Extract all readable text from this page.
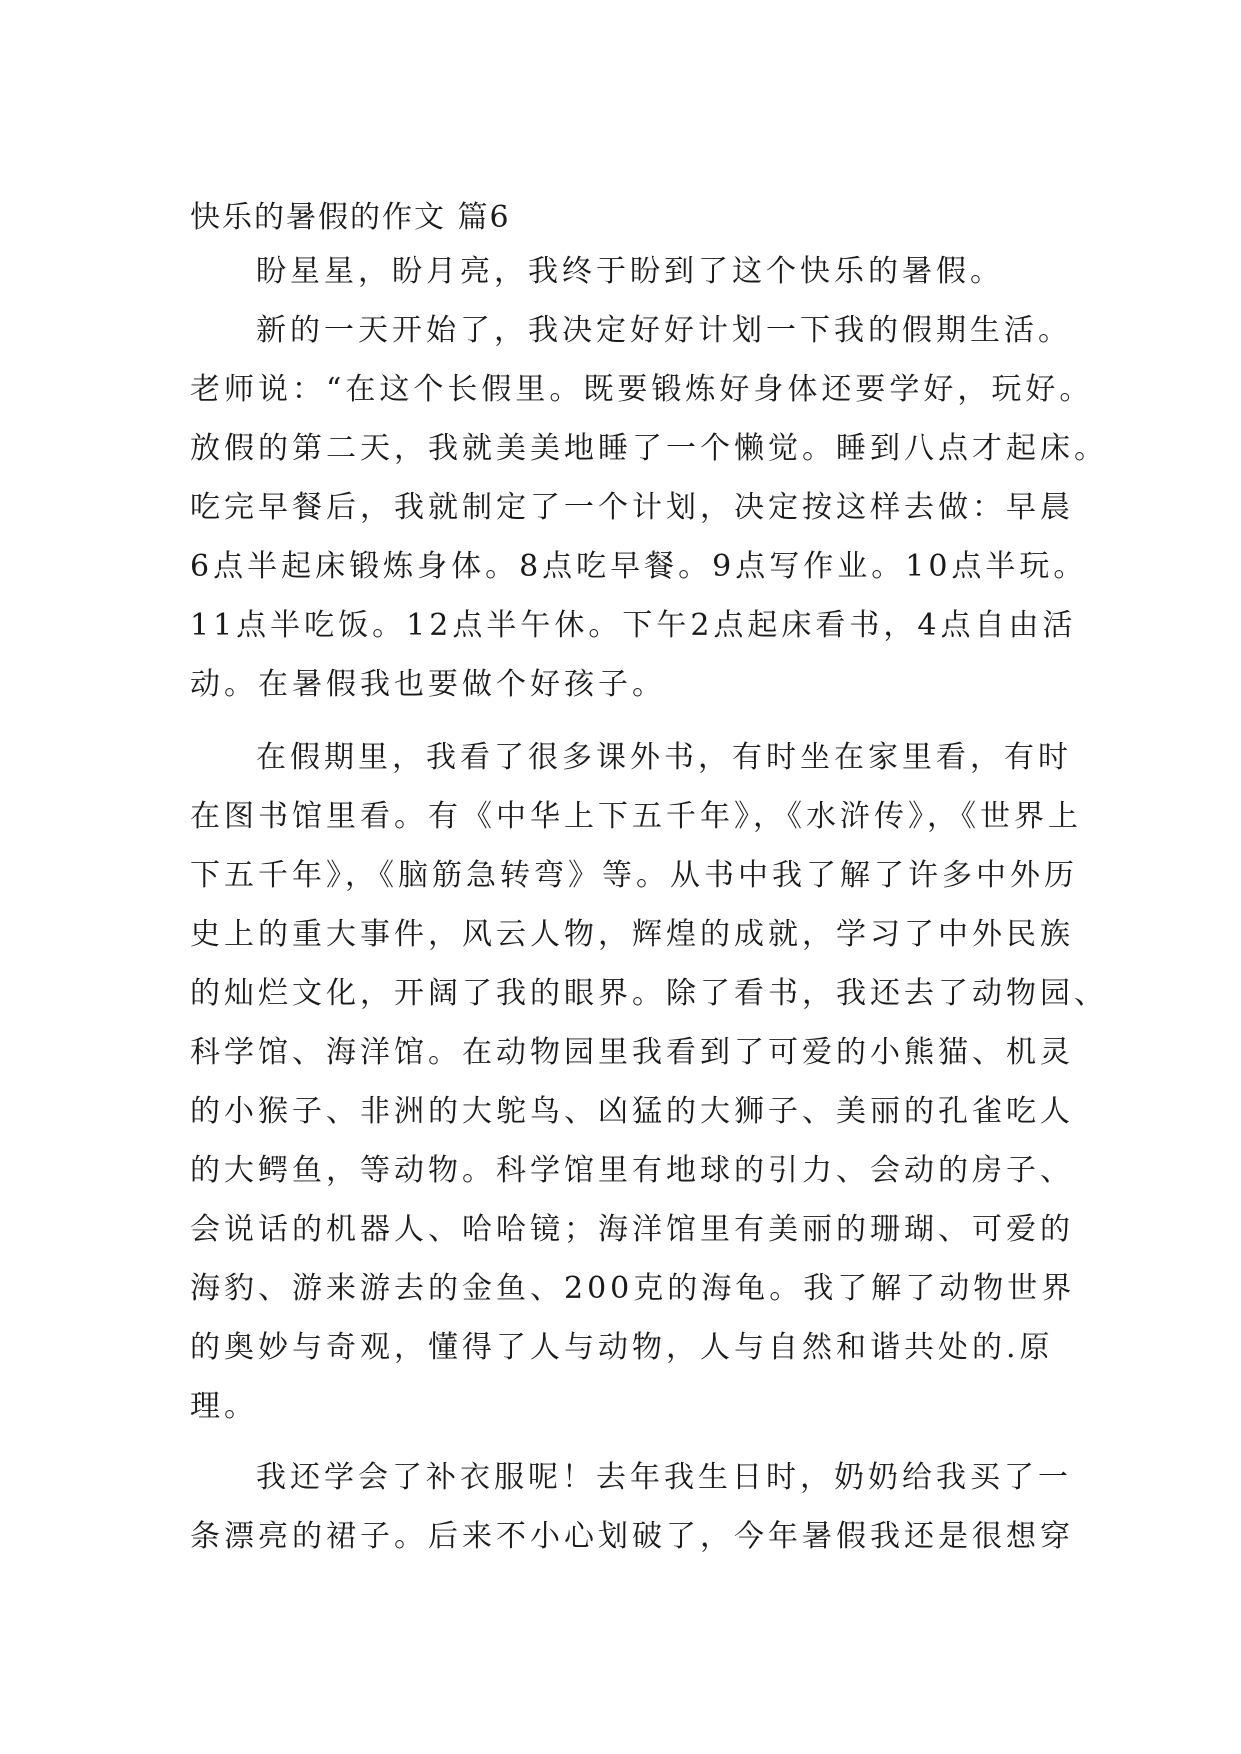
快乐的暑假的作文 篇6
盼星星，盼月亮，我终于盼到了这个快乐的暑假。
新的一天开始了，我决定好好计划一下我的假期生活。
老师说：“在这个长假里。既要锻炼好身体还要学好，玩好。
放假的第二天，我就美美地睡了一个懒觉。睡到八点才起床。
吃完早餐后，我就制定了一个计划，决定按这样去做：早晨
6点半起床锻炼身体。8点吃早餐。9点写作业。10点半玩。
11点半吃饭。12点半午休。下午2点起床看书，4点自由活
动。在暑假我也要做个好孩子。
在假期里，我看了很多课外书，有时坐在家里看，有时
在图书馆里看。有《中华上下五千年》，《水浒传》，《世界上
下五千年》，《脑筋急转弯》等。从书中我了解了许多中外历
史上的重大事件，风云人物，辉煌的成就，学习了中外民族
的灿烂文化，开阔了我的眼界。除了看书，我还去了动物园、
科学馆、海洋馆。在动物园里我看到了可爱的小熊猫、机灵
的小猴子、非洲的大鸵鸟、凶猛的大狮子、美丽的孔雀吃人
的大鳄鱼，等动物。科学馆里有地球的引力、会动的房子、
会说话的机器人、哈哈镜；海洋馆里有美丽的珊瑚、可爱的
海豹、游来游去的金鱼、200克的海龟。我了解了动物世界
的奥妙与奇观，懂得了人与动物，人与自然和谐共处的.原
理。
我还学会了补衣服呢！去年我生日时，奶奶给我买了一
条漂亮的裙子。后来不小心划破了，今年暑假我还是很想穿
